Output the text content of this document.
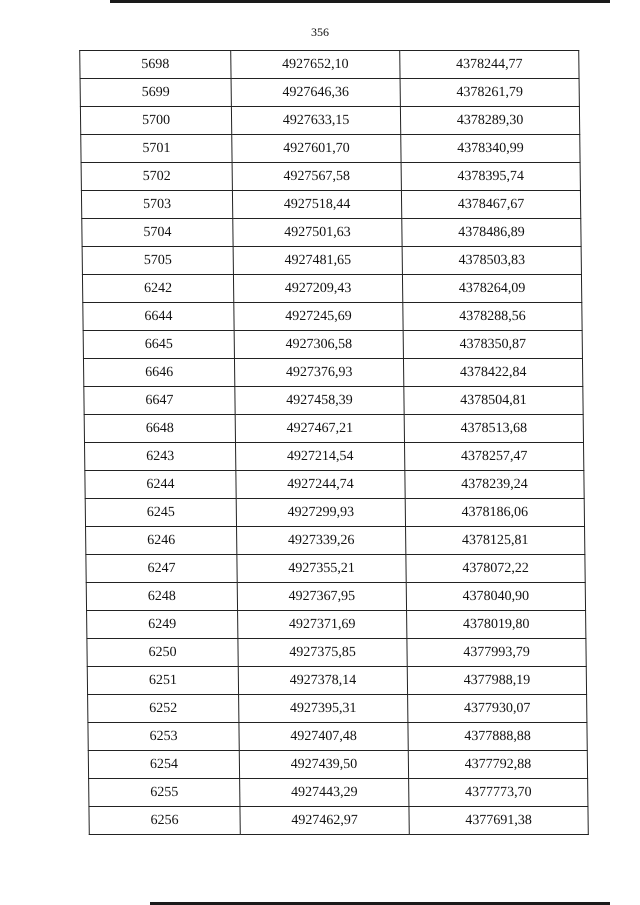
356
5698	4927652,10	4378244,77
5699	4927646,36	4378261,79
5700	4927633,15	4378289,30
5701	4927601,70	4378340,99
5702	4927567,58	4378395,74
5703	4927518,44	4378467,67
5704	4927501,63	4378486,89
5705	4927481,65	4378503,83
6242	4927209,43	4378264,09
6644	4927245,69	4378288,56
6645	4927306,58	4378350,87
6646	4927376,93	4378422,84
6647	4927458,39	4378504,81
6648	4927467,21	4378513,68
6243	4927214,54	4378257,47
6244	4927244,74	4378239,24
6245	4927299,93	4378186,06
6246	4927339,26	4378125,81
6247	4927355,21	4378072,22
6248	4927367,95	4378040,90
6249	4927371,69	4378019,80
6250	4927375,85	4377993,79
6251	4927378,14	4377988,19
6252	4927395,31	4377930,07
6253	4927407,48	4377888,88
6254	4927439,50	4377792,88
6255	4927443,29	4377773,70
6256	4927462,97	4377691,38
